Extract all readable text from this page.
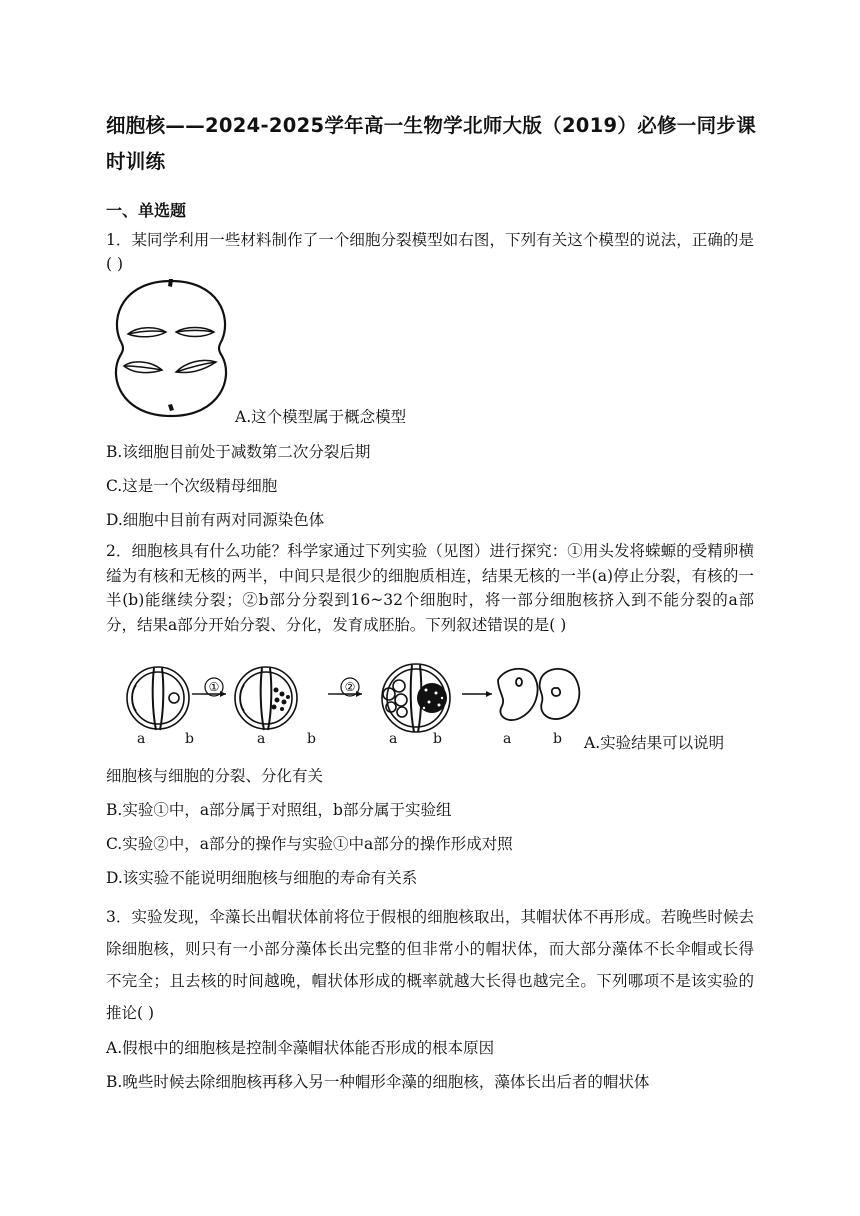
细胞核——2024-2025学年高一生物学北师大版（2019）必修一同步课时训练
一、单选题
1．某同学利用一些材料制作了一个细胞分裂模型如右图，下列有关这个模型的说法，正确的是( )
A.这个模型属于概念模型
B.该细胞目前处于减数第二次分裂后期
C.这是一个次级精母细胞
D.细胞中目前有两对同源染色体
2．细胞核具有什么功能？科学家通过下列实验（见图）进行探究：①用头发将蝾螈的受精卵横缢为有核和无核的两半，中间只是很少的细胞质相连，结果无核的一半(a)停止分裂，有核的一半(b)能继续分裂；②b部分分裂到16~32个细胞时，将一部分细胞核挤入到不能分裂的a部分，结果a部分开始分裂、分化，发育成胚胎。下列叙述错误的是( )
①	②
a	b	a	b	a	b	a	b A.实验结果可以说明
细胞核与细胞的分裂、分化有关
B.实验①中，a部分属于对照组，b部分属于实验组
C.实验②中，a部分的操作与实验①中a部分的操作形成对照
D.该实验不能说明细胞核与细胞的寿命有关系
3．实验发现，伞藻长出帽状体前将位于假根的细胞核取出，其帽状体不再形成。若晚些时候去除细胞核，则只有一小部分藻体长出完整的但非常小的帽状体，而大部分藻体不长伞帽或长得不完全；且去核的时间越晚，帽状体形成的概率就越大长得也越完全。下列哪项不是该实验的推论( )
A.假根中的细胞核是控制伞藻帽状体能否形成的根本原因
B.晚些时候去除细胞核再移入另一种帽形伞藻的细胞核，藻体长出后者的帽状体
